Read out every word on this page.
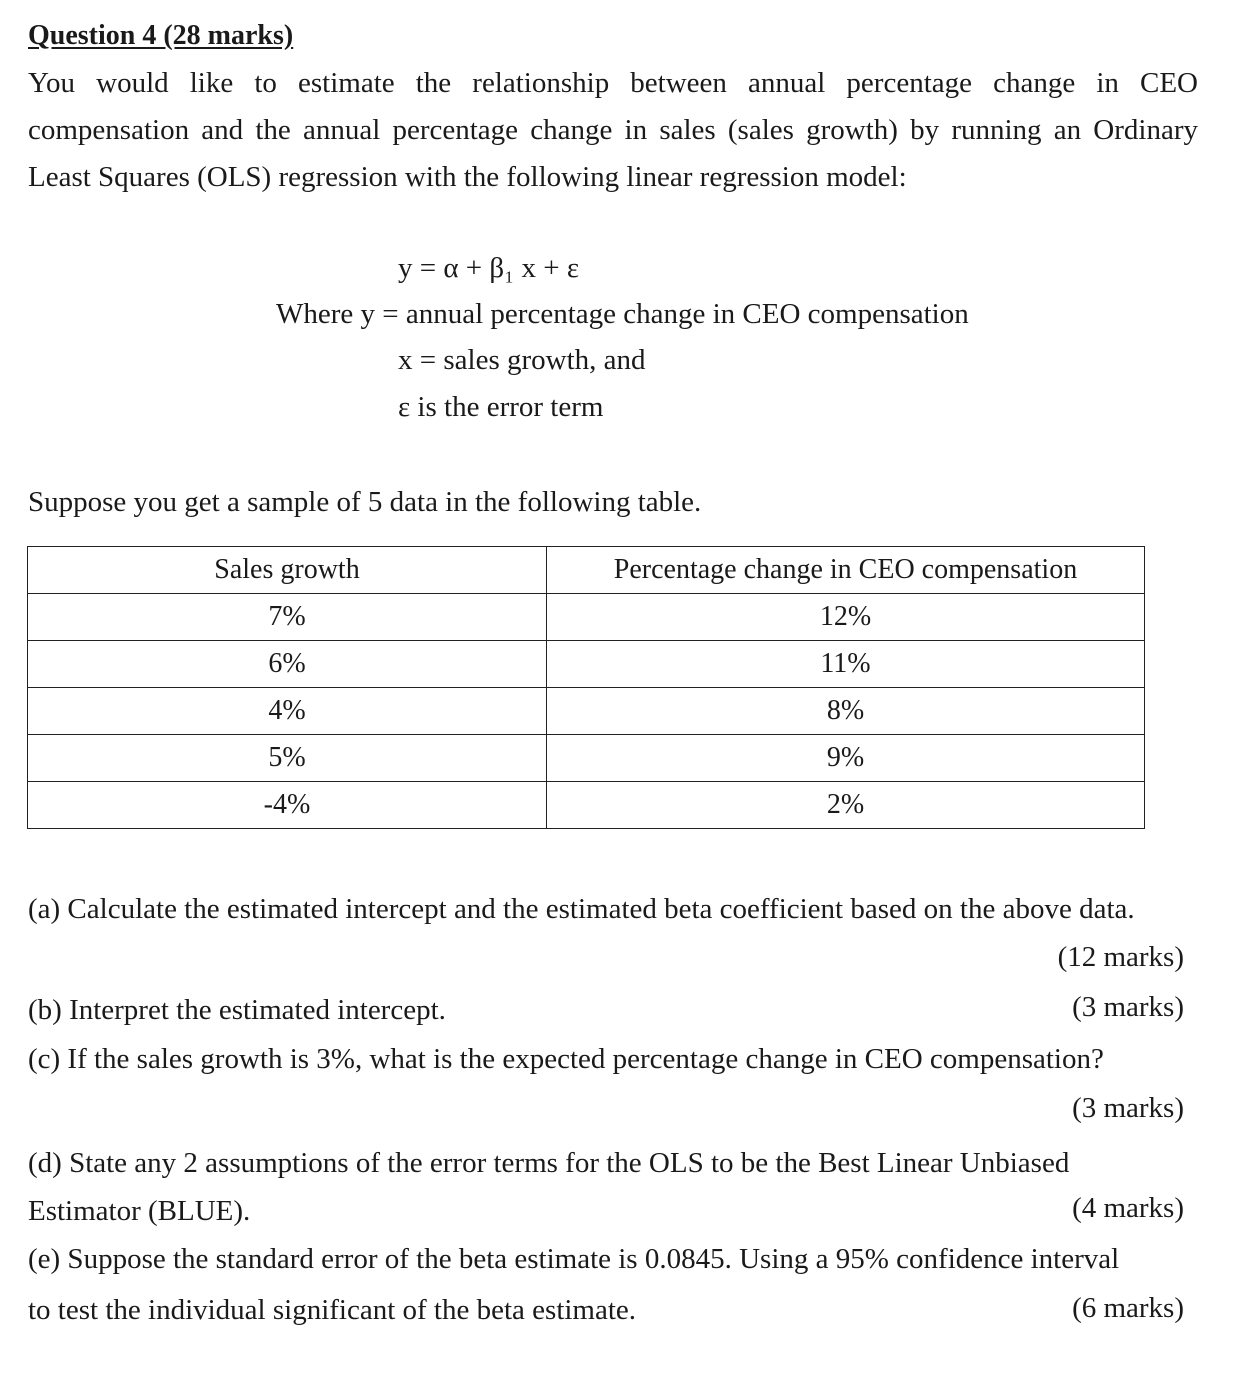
Question 4 (28 marks)
You would like to estimate the relationship between annual percentage change in CEO compensation and the annual percentage change in sales (sales growth) by running an Ordinary Least Squares (OLS) regression with the following linear regression model:
y = α + β₁ x + ε
Where y = annual percentage change in CEO compensation
x = sales growth, and
ε is the error term
Suppose you get a sample of 5 data in the following table.
Sales growth	Percentage change in CEO compensation
7%	12%
6%	11%
4%	8%
5%	9%
-4%	2%
(a) Calculate the estimated intercept and the estimated beta coefficient based on the above data.
(12 marks)
(b) Interpret the estimated intercept.	(3 marks)
(c) If the sales growth is 3%, what is the expected percentage change in CEO compensation?
(3 marks)
(d) State any 2 assumptions of the error terms for the OLS to be the Best Linear Unbiased
Estimator (BLUE).	(4 marks)
(e) Suppose the standard error of the beta estimate is 0.0845. Using a 95% confidence interval
to test the individual significant of the beta estimate.	(6 marks)
